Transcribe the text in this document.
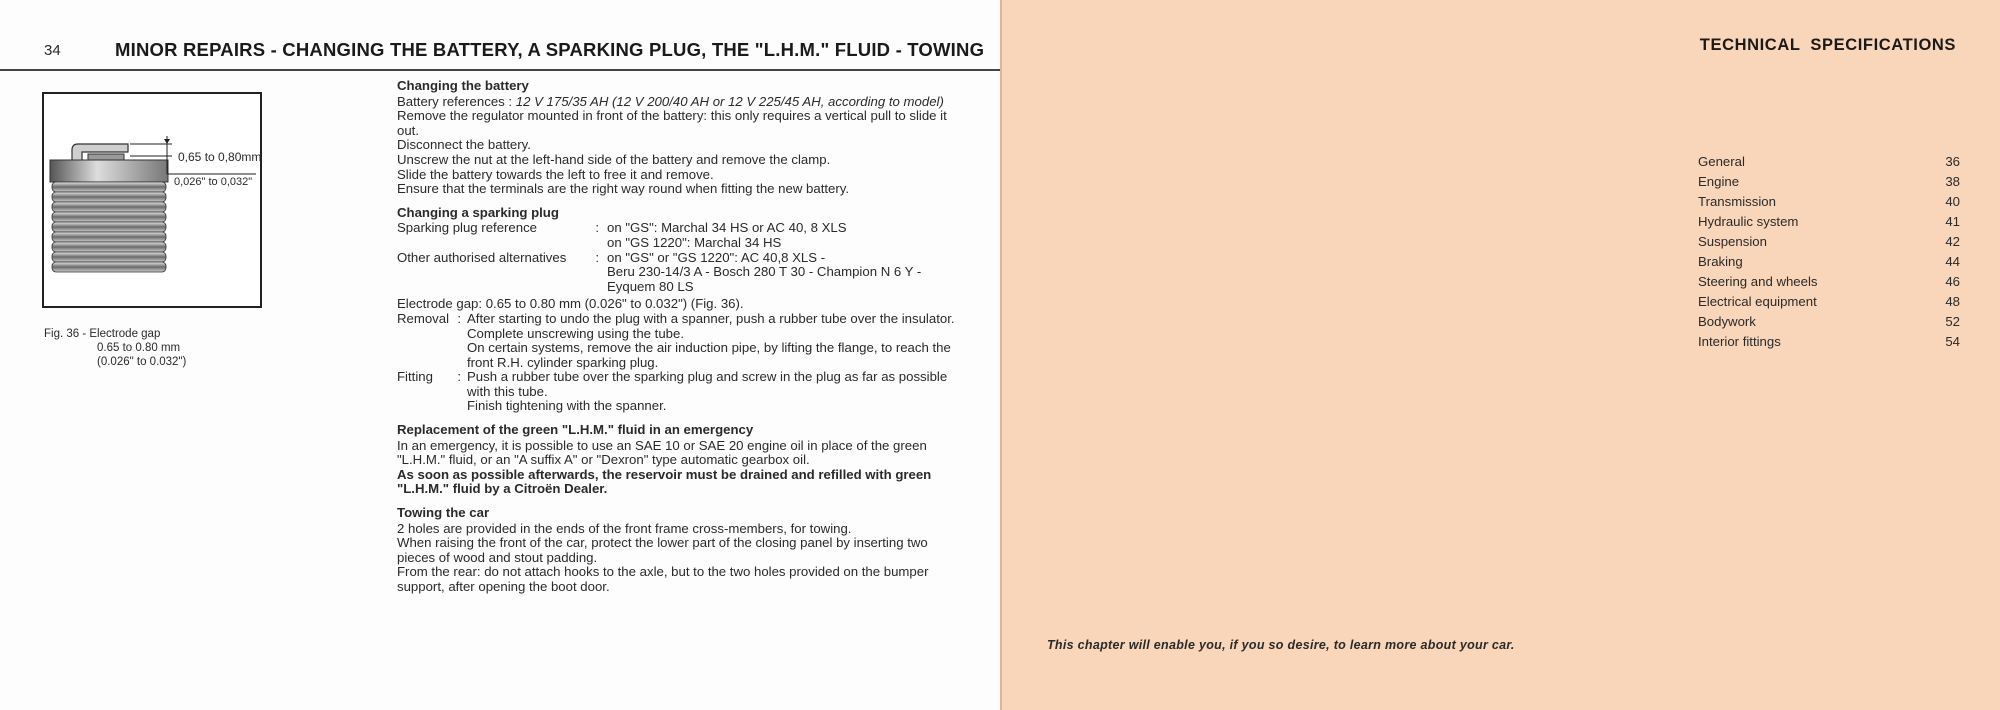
34	MINOR REPAIRS - CHANGING THE BATTERY, A SPARKING PLUG, THE "L.H.M." FLUID - TOWING
0,65 to 0,80mm
0,026" to 0,032"
Fig. 36 - Electrode gap
0.65 to 0.80 mm
(0.026" to 0.032")
Changing the battery

Battery references : 12 V 175/35 AH (12 V 200/40 AH or 12 V 225/45 AH, according to model)

Remove the regulator mounted in front of the battery: this only requires a vertical pull to slide it out.

Disconnect the battery.

Unscrew the nut at the left-hand side of the battery and remove the clamp.

Slide the battery towards the left to free it and remove.

Ensure that the terminals are the right way round when fitting the new battery.

Changing a sparking plug
Sparking plug reference :	on "GS": Marchal 34 HS or AC 40, 8 XLS
on "GS 1220": Marchal 34 HS
Other authorised alternatives :	on "GS" or "GS 1220": AC 40,8 XLS -
Beru 230-14/3 A - Bosch 280 T 30 - Champion N 6 Y -
Eyquem 80 LS

Electrode gap: 0.65 to 0.80 mm (0.026" to 0.032") (Fig. 36).

Removal :	After starting to undo the plug with a spanner, push a rubber tube over the insulator.
Complete unscrewing using the tube.
On certain systems, remove the air induction pipe, by lifting the flange, to reach the front R.H. cylinder sparking plug.
Fitting :	Push a rubber tube over the sparking plug and screw in the plug as far as possible with this tube.
Finish tightening with the spanner.
Replacement of the green "L.H.M." fluid in an emergency

In an emergency, it is possible to use an SAE 10 or SAE 20 engine oil in place of the green "L.H.M." fluid, or an "A suffix A" or "Dexron" type automatic gearbox oil.

As soon as possible afterwards, the reservoir must be drained and refilled with green "L.H.M." fluid by a Citroën Dealer.

Towing the car

2 holes are provided in the ends of the front frame cross-members, for towing.

When raising the front of the car, protect the lower part of the closing panel by inserting two pieces of wood and stout padding.

From the rear: do not attach hooks to the axle, but to the two holes provided on the bumper support, after opening the boot door.

TECHNICAL SPECIFICATIONS
General	36
Engine	38
Transmission	40
Hydraulic system	41
Suspension	42
Braking	44
Steering and wheels	46
Electrical equipment	48
Bodywork	52
Interior fittings	54
This chapter will enable you, if you so desire, to learn more about your car.
